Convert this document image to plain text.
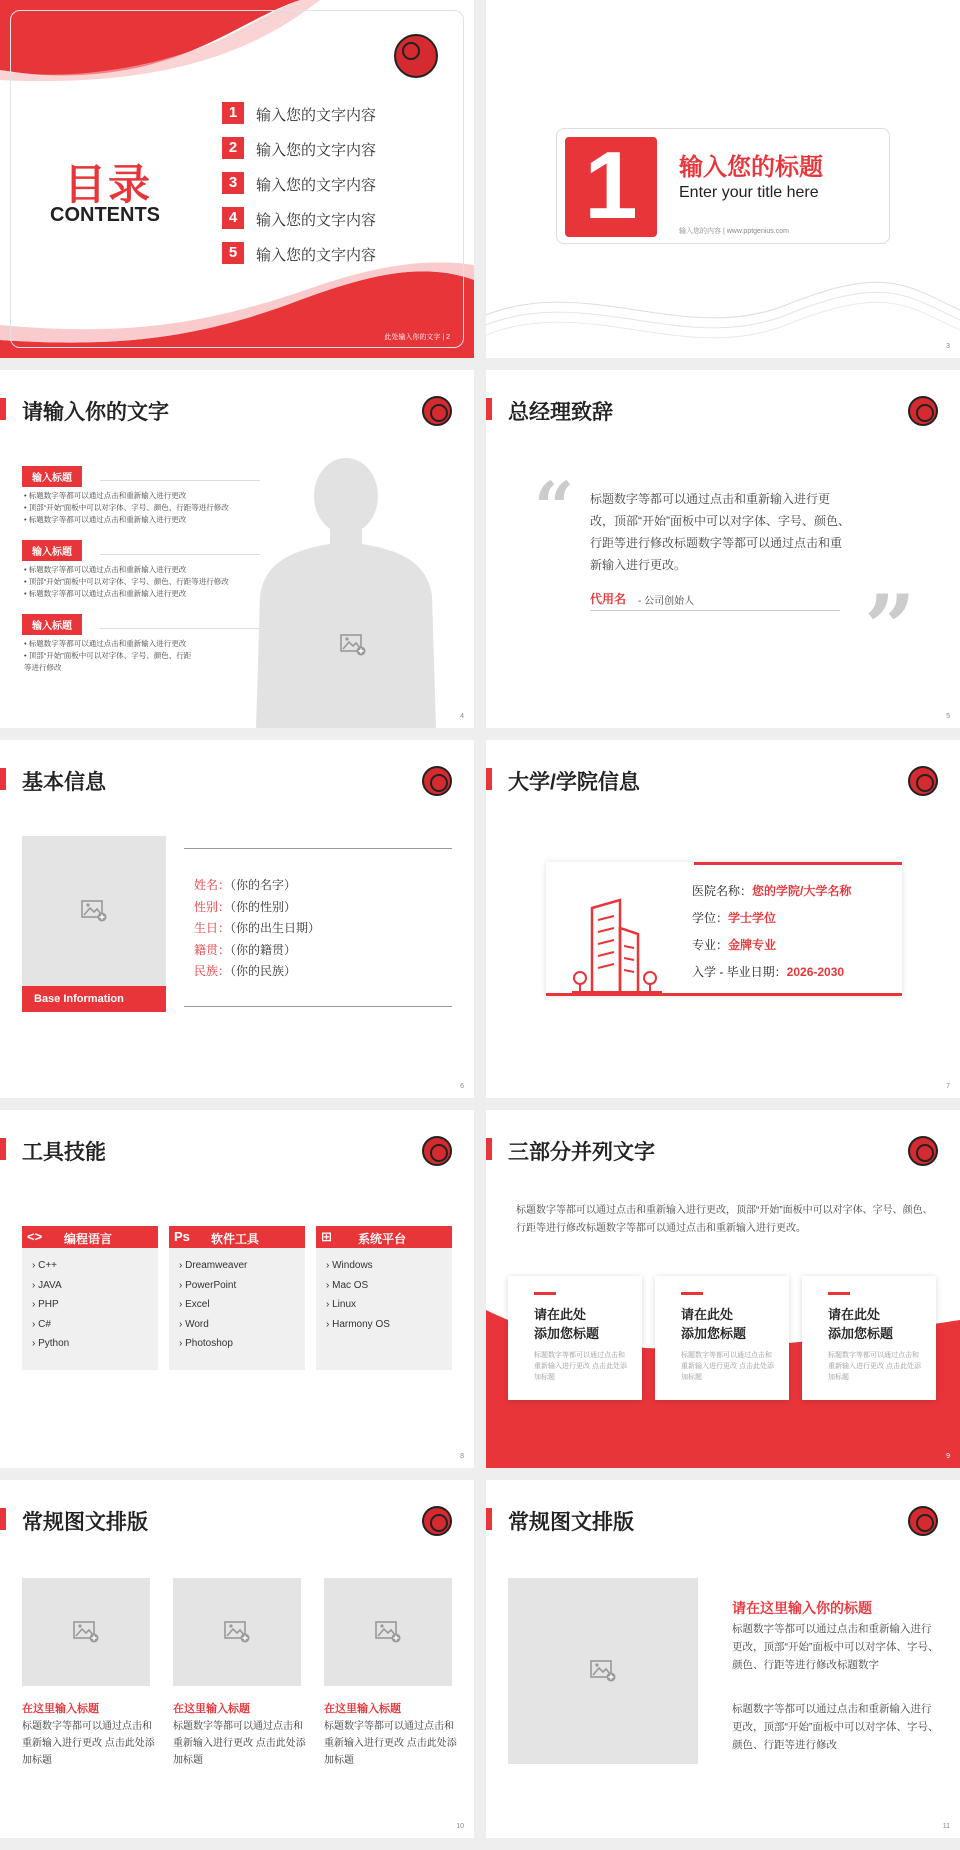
目录
CONTENTS
1	输入您的文字内容
2	输入您的文字内容
3	输入您的文字内容
4	输入您的文字内容
5	输入您的文字内容
此处输入你的文字 | 2
1	输入您的标题
Enter your title here
输入您的内容 | www.pptgenius.com
3
请输入你的文字
输入标题
• 标题数字等都可以通过点击和重新输入进行更改
• 顶部“开始”面板中可以对字体、字号、颜色、行距等进行修改
• 标题数字等都可以通过点击和重新输入进行更改
输入标题
• 标题数字等都可以通过点击和重新输入进行更改
• 顶部“开始”面板中可以对字体、字号、颜色、行距等进行修改
• 标题数字等都可以通过点击和重新输入进行更改
输入标题
• 标题数字等都可以通过点击和重新输入进行更改
• 顶部“开始”面板中可以对字体、字号、颜色、行距
等进行修改
4
总经理致辞
“ 标题数字等都可以通过点击和重新输入进行更改，顶部“开始”面板中可以对字体、字号、颜色、行距等进行修改标题数字等都可以通过点击和重新输入进行更改。
代用名 - 公司创始人 ”
5
基本信息
Base Information
姓名：（你的名字）
性别：（你的性别）
生日：（你的出生日期）
籍贯：（你的籍贯）
民族：（你的民族）
6
大学/学院信息
医院名称：您的学院/大学名称
学位：学士学位
专业：金牌专业
入学 - 毕业日期：2026-2030
7
工具技能
<> 编程语言
› C++
› JAVA
› PHP
› C#
› Python
Ps 软件工具
› Dreamweaver
› PowerPoint
› Excel
› Word
› Photoshop
⊞ 系统平台
› Windows
› Mac OS
› Linux
› Harmony OS
8
三部分并列文字
标题数字等都可以通过点击和重新输入进行更改，顶部“开始”面板中可以对字体、字号、颜色、行距等进行修改标题数字等都可以通过点击和重新输入进行更改。
请在此处
添加您标题
标题数字等都可以通过点击和重新输入进行更改 点击此处添加标题
请在此处
添加您标题
标题数字等都可以通过点击和重新输入进行更改 点击此处添加标题
请在此处
添加您标题
标题数字等都可以通过点击和重新输入进行更改 点击此处添加标题
9
常规图文排版
在这里输入标题
标题数字等都可以通过点击和重新输入进行更改 点击此处添加标题
在这里输入标题
标题数字等都可以通过点击和重新输入进行更改 点击此处添加标题
在这里输入标题
标题数字等都可以通过点击和重新输入进行更改 点击此处添加标题
10
常规图文排版
请在这里输入你的标题
标题数字等都可以通过点击和重新输入进行更改，顶部“开始”面板中可以对字体、字号、颜色、行距等进行修改标题数字
标题数字等都可以通过点击和重新输入进行更改，顶部“开始”面板中可以对字体、字号、颜色、行距等进行修改
11
